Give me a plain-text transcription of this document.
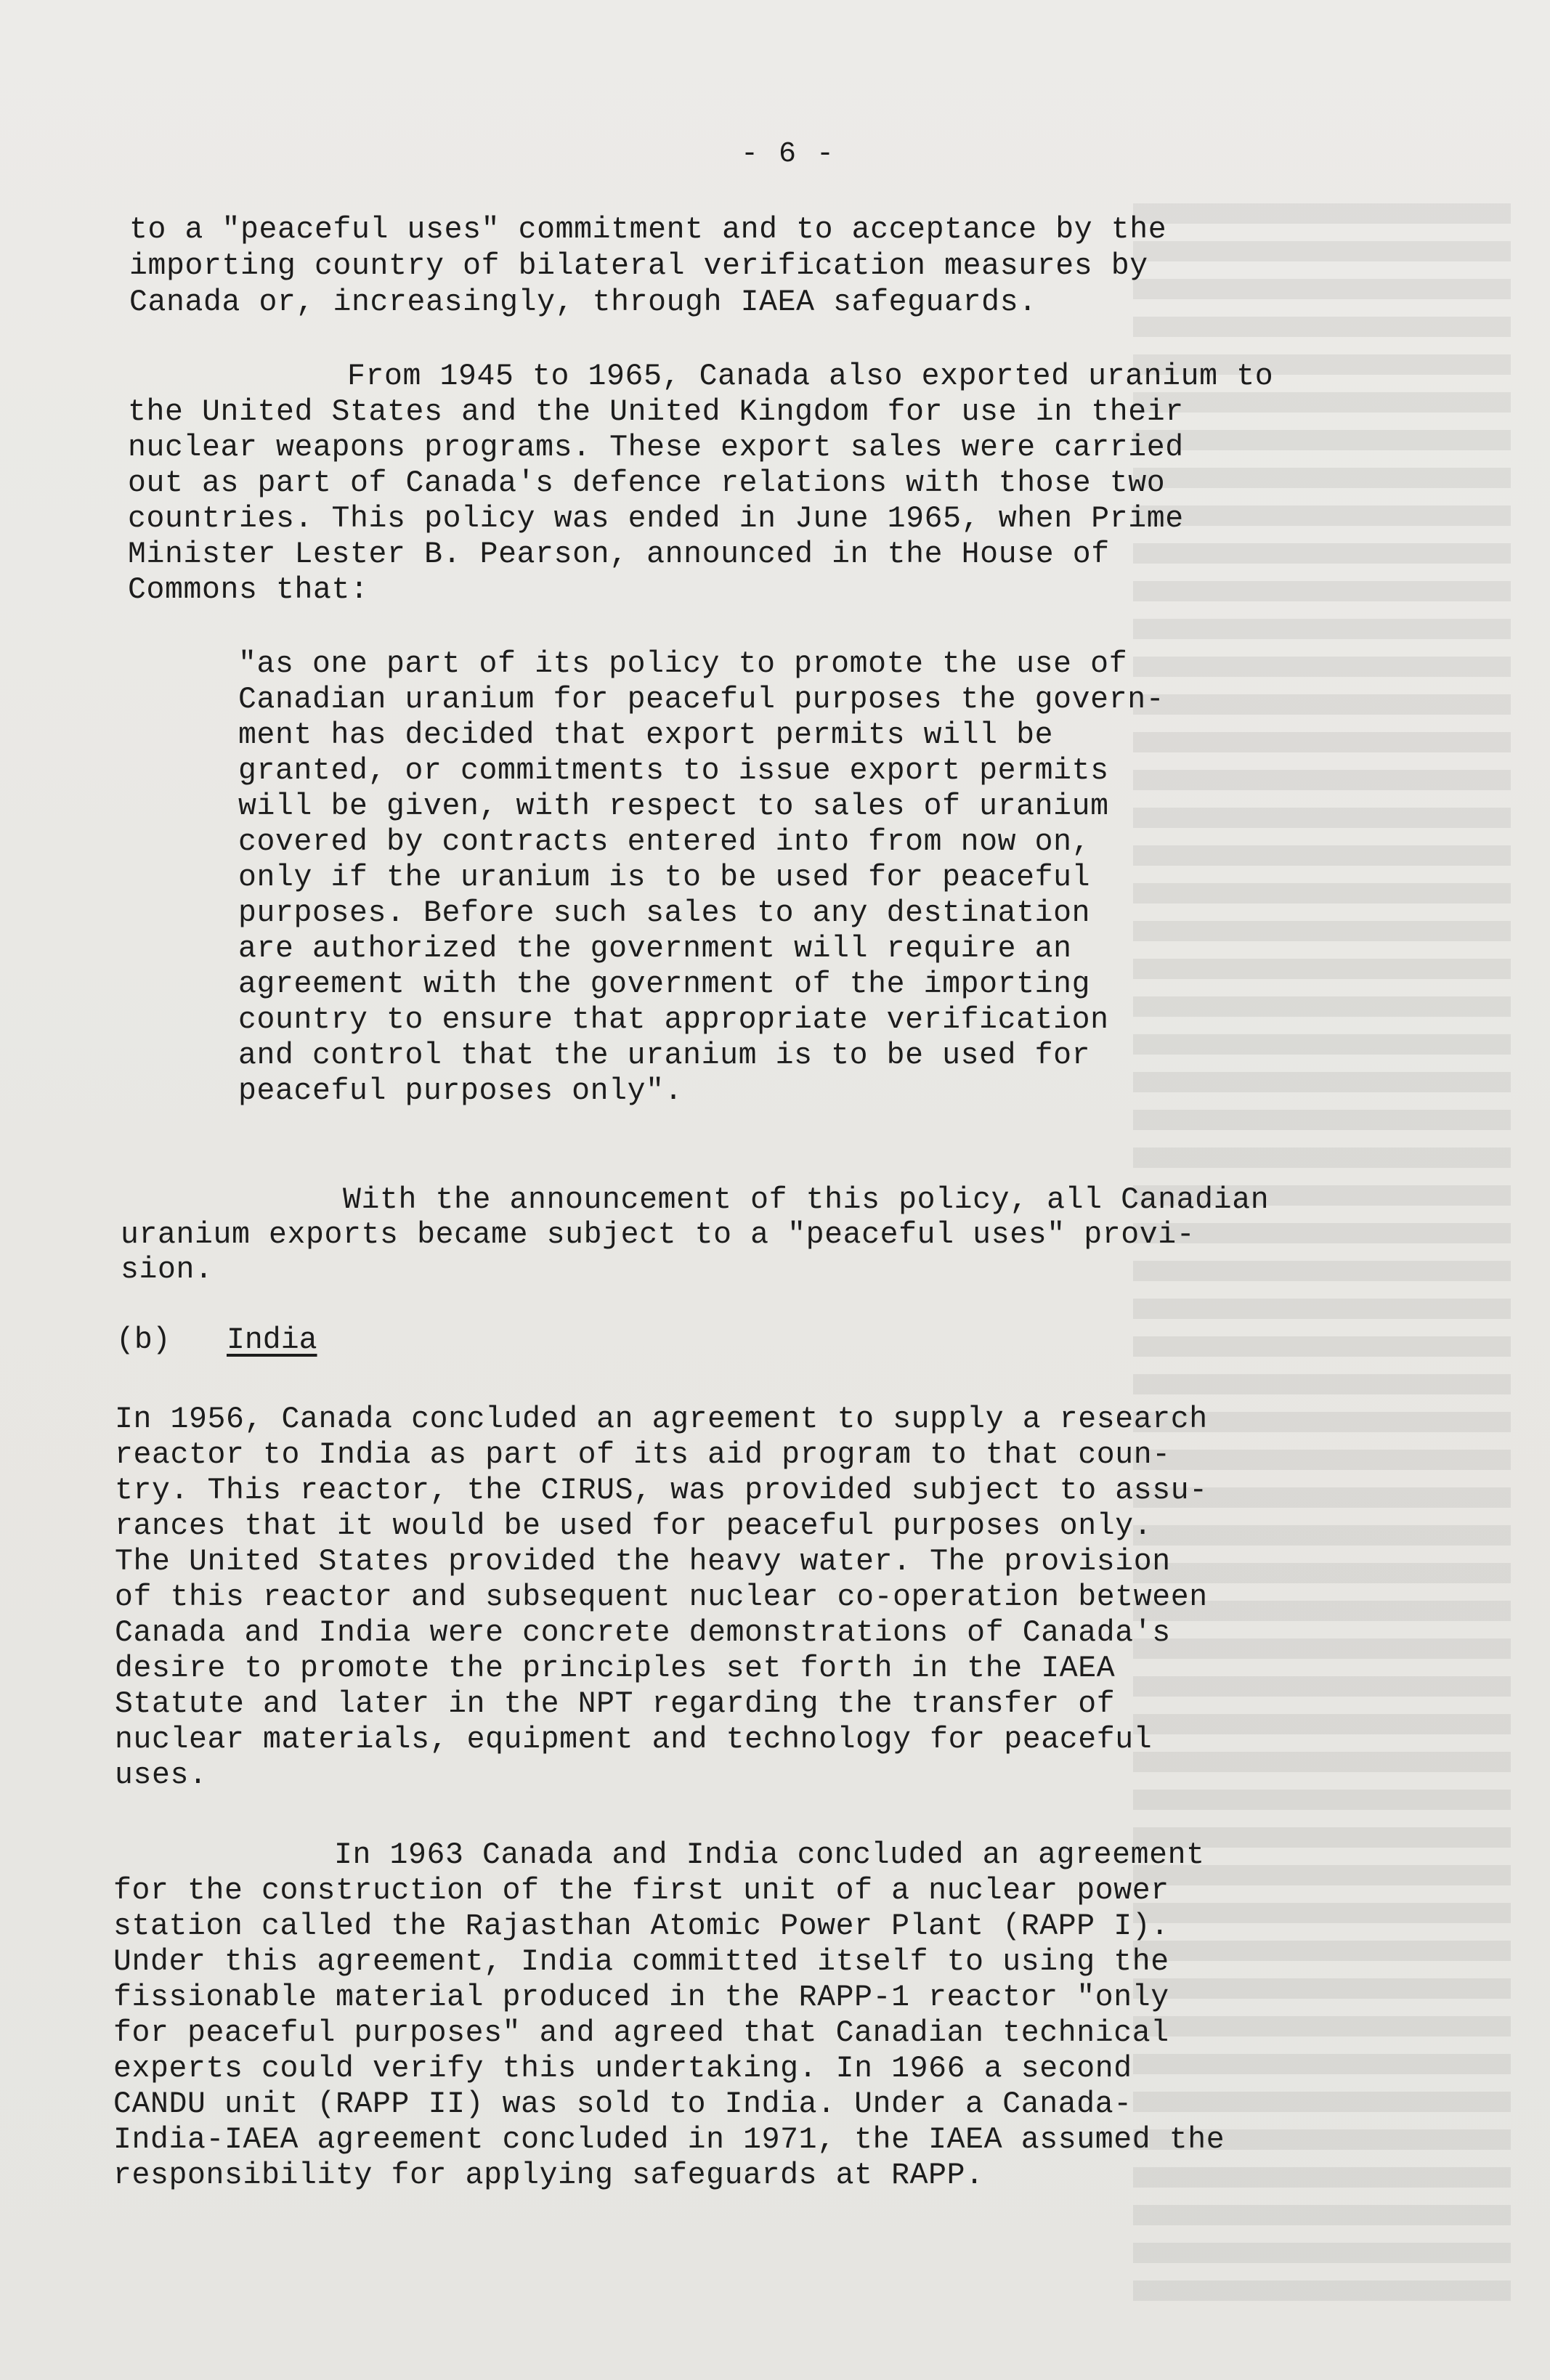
- 6 -
to a "peaceful uses" commitment and to acceptance by the
importing country of bilateral verification measures by
Canada or, increasingly, through IAEA safeguards.
From 1945 to 1965, Canada also exported uranium to
the United States and the United Kingdom for use in their
nuclear weapons programs. These export sales were carried
out as part of Canada's defence relations with those two
countries. This policy was ended in June 1965, when Prime
Minister Lester B. Pearson, announced in the House of
Commons that:
"as one part of its policy to promote the use of
Canadian uranium for peaceful purposes the govern-
ment has decided that export permits will be
granted, or commitments to issue export permits
will be given, with respect to sales of uranium
covered by contracts entered into from now on,
only if the uranium is to be used for peaceful
purposes. Before such sales to any destination
are authorized the government will require an
agreement with the government of the importing
country to ensure that appropriate verification
and control that the uranium is to be used for
peaceful purposes only".
With the announcement of this policy, all Canadian
uranium exports became subject to a "peaceful uses" provi-
sion.
(b) India
In 1956, Canada concluded an agreement to supply a research
reactor to India as part of its aid program to that coun-
try. This reactor, the CIRUS, was provided subject to assu-
rances that it would be used for peaceful purposes only.
The United States provided the heavy water. The provision
of this reactor and subsequent nuclear co-operation between
Canada and India were concrete demonstrations of Canada's
desire to promote the principles set forth in the IAEA
Statute and later in the NPT regarding the transfer of
nuclear materials, equipment and technology for peaceful
uses.
In 1963 Canada and India concluded an agreement
for the construction of the first unit of a nuclear power
station called the Rajasthan Atomic Power Plant (RAPP I).
Under this agreement, India committed itself to using the
fissionable material produced in the RAPP-1 reactor "only
for peaceful purposes" and agreed that Canadian technical
experts could verify this undertaking. In 1966 a second
CANDU unit (RAPP II) was sold to India. Under a Canada-
India-IAEA agreement concluded in 1971, the IAEA assumed the
responsibility for applying safeguards at RAPP.
